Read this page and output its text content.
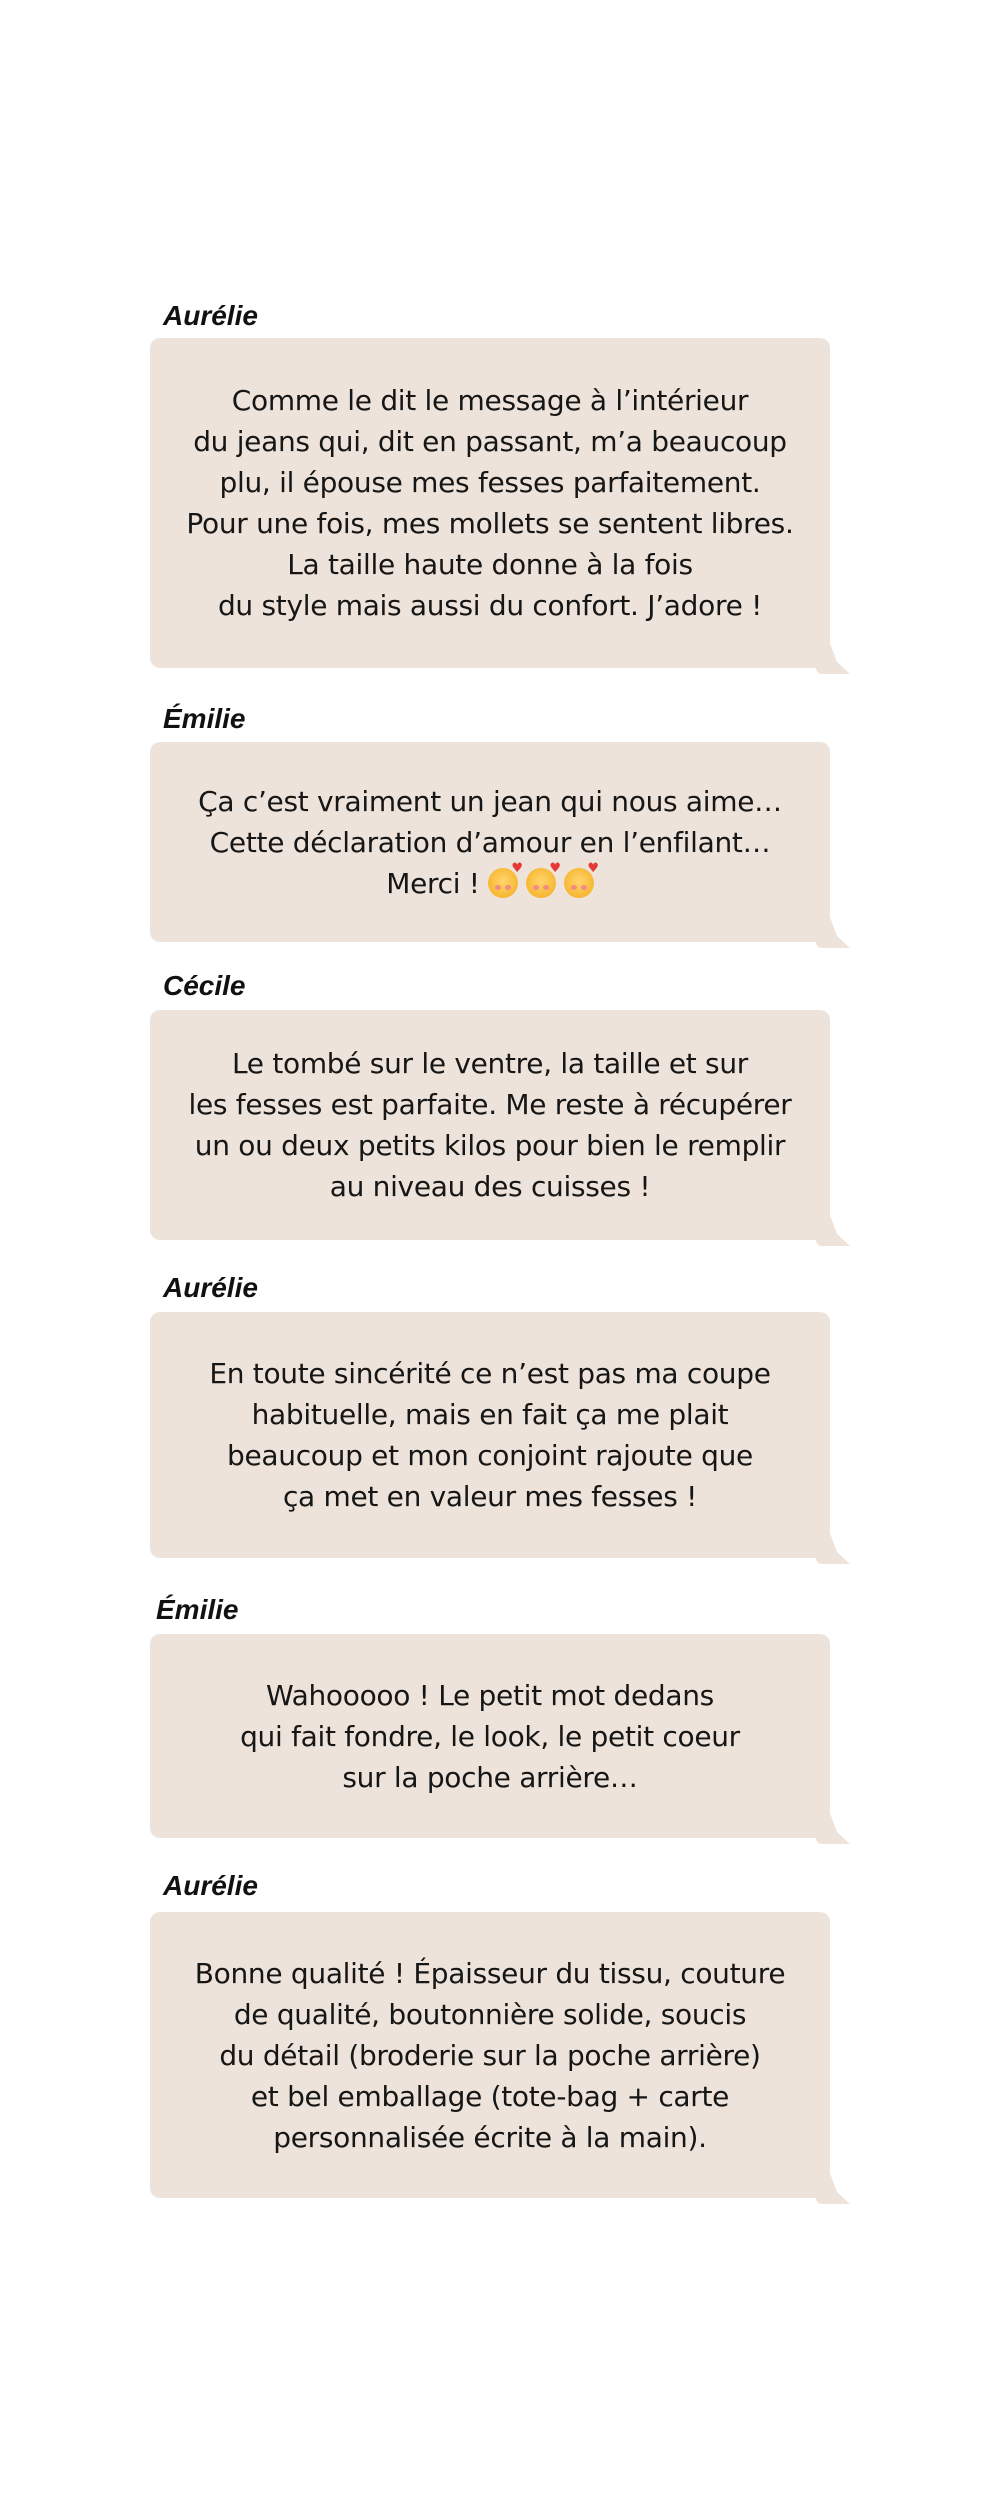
Aurélie

Comme le dit le message à l’intérieur
du jeans qui, dit en passant, m’a beaucoup
plu, il épouse mes fesses parfaitement.
Pour une fois, mes mollets se sentent libres.
La taille haute donne à la fois
du style mais aussi du confort. J’adore !

Émilie

Ça c’est vraiment un jean qui nous aime…
Cette déclaration d’amour en l’enfilant…
Merci !♥♥♥

Cécile

Le tombé sur le ventre, la taille et sur
les fesses est parfaite. Me reste à récupérer
un ou deux petits kilos pour bien le remplir
au niveau des cuisses !

Aurélie

En toute sincérité ce n’est pas ma coupe
habituelle, mais en fait ça me plait
beaucoup et mon conjoint rajoute que
ça met en valeur mes fesses !

Émilie

Wahooooo ! Le petit mot dedans
qui fait fondre, le look, le petit coeur
sur la poche arrière…

Aurélie

Bonne qualité ! Épaisseur du tissu, couture
de qualité, boutonnière solide, soucis
du détail (broderie sur la poche arrière)
et bel emballage (tote-bag + carte
personnalisée écrite à la main).
